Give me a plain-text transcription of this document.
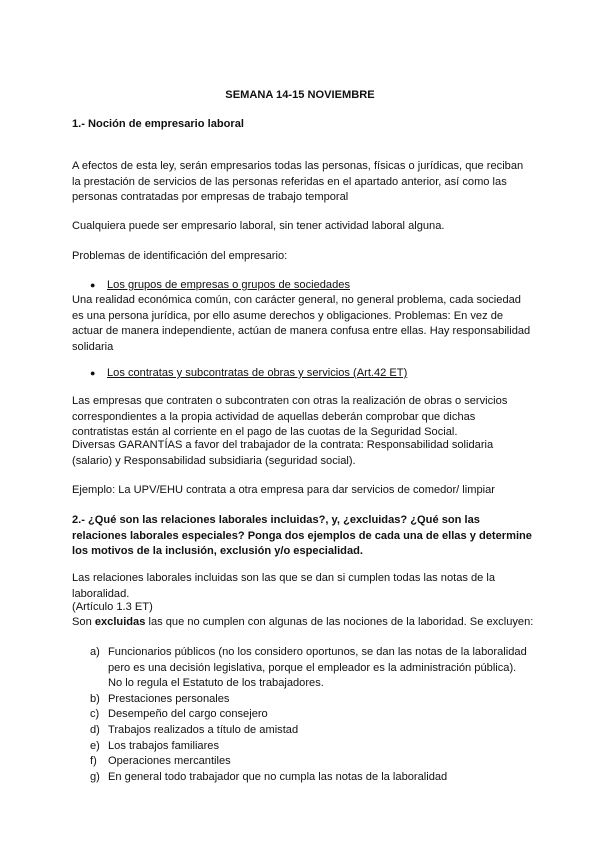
SEMANA 14-15 NOVIEMBRE
1.- Noción de empresario laboral
A efectos de esta ley, serán empresarios todas las personas, físicas o jurídicas, que reciban la prestación de servicios de las personas referidas en el apartado anterior, así como las personas contratadas por empresas de trabajo temporal
Cualquiera puede ser empresario laboral, sin tener actividad laboral alguna.
Problemas de identificación del empresario:
● Los grupos de empresas o grupos de sociedades
Una realidad económica común, con carácter general, no general problema, cada sociedad es una persona jurídica, por ello asume derechos y obligaciones. Problemas: En vez de actuar de manera independiente, actúan de manera confusa entre ellas. Hay responsabilidad solidaria
● Los contratas y subcontratas de obras y servicios (Art.42 ET)
Las empresas que contraten o subcontraten con otras la realización de obras o servicios correspondientes a la propia actividad de aquellas deberán comprobar que dichas contratistas están al corriente en el pago de las cuotas de la Seguridad Social.
Diversas GARANTÍAS a favor del trabajador de la contrata: Responsabilidad solidaria (salario) y Responsabilidad subsidiaria (seguridad social).
Ejemplo: La UPV/EHU contrata a otra empresa para dar servicios de comedor/ limpiar
2.- ¿Qué son las relaciones laborales incluidas?, y, ¿excluidas? ¿Qué son las relaciones laborales especiales? Ponga dos ejemplos de cada una de ellas y determine los motivos de la inclusión, exclusión y/o especialidad.
Las relaciones laborales incluidas son las que se dan si cumplen todas las notas de la laboralidad.
(Artículo 1.3 ET)
Son excluidas las que no cumplen con algunas de las nociones de la laboridad. Se excluyen:
a) Funcionarios públicos (no los considero oportunos, se dan las notas de la laboralidad pero es una decisión legislativa, porque el empleador es la administración pública). No lo regula el Estatuto de los trabajadores.
b) Prestaciones personales
c) Desempeño del cargo consejero
d) Trabajos realizados a título de amistad
e) Los trabajos familiares
f) Operaciones mercantiles
g) En general todo trabajador que no cumpla las notas de la laboralidad
